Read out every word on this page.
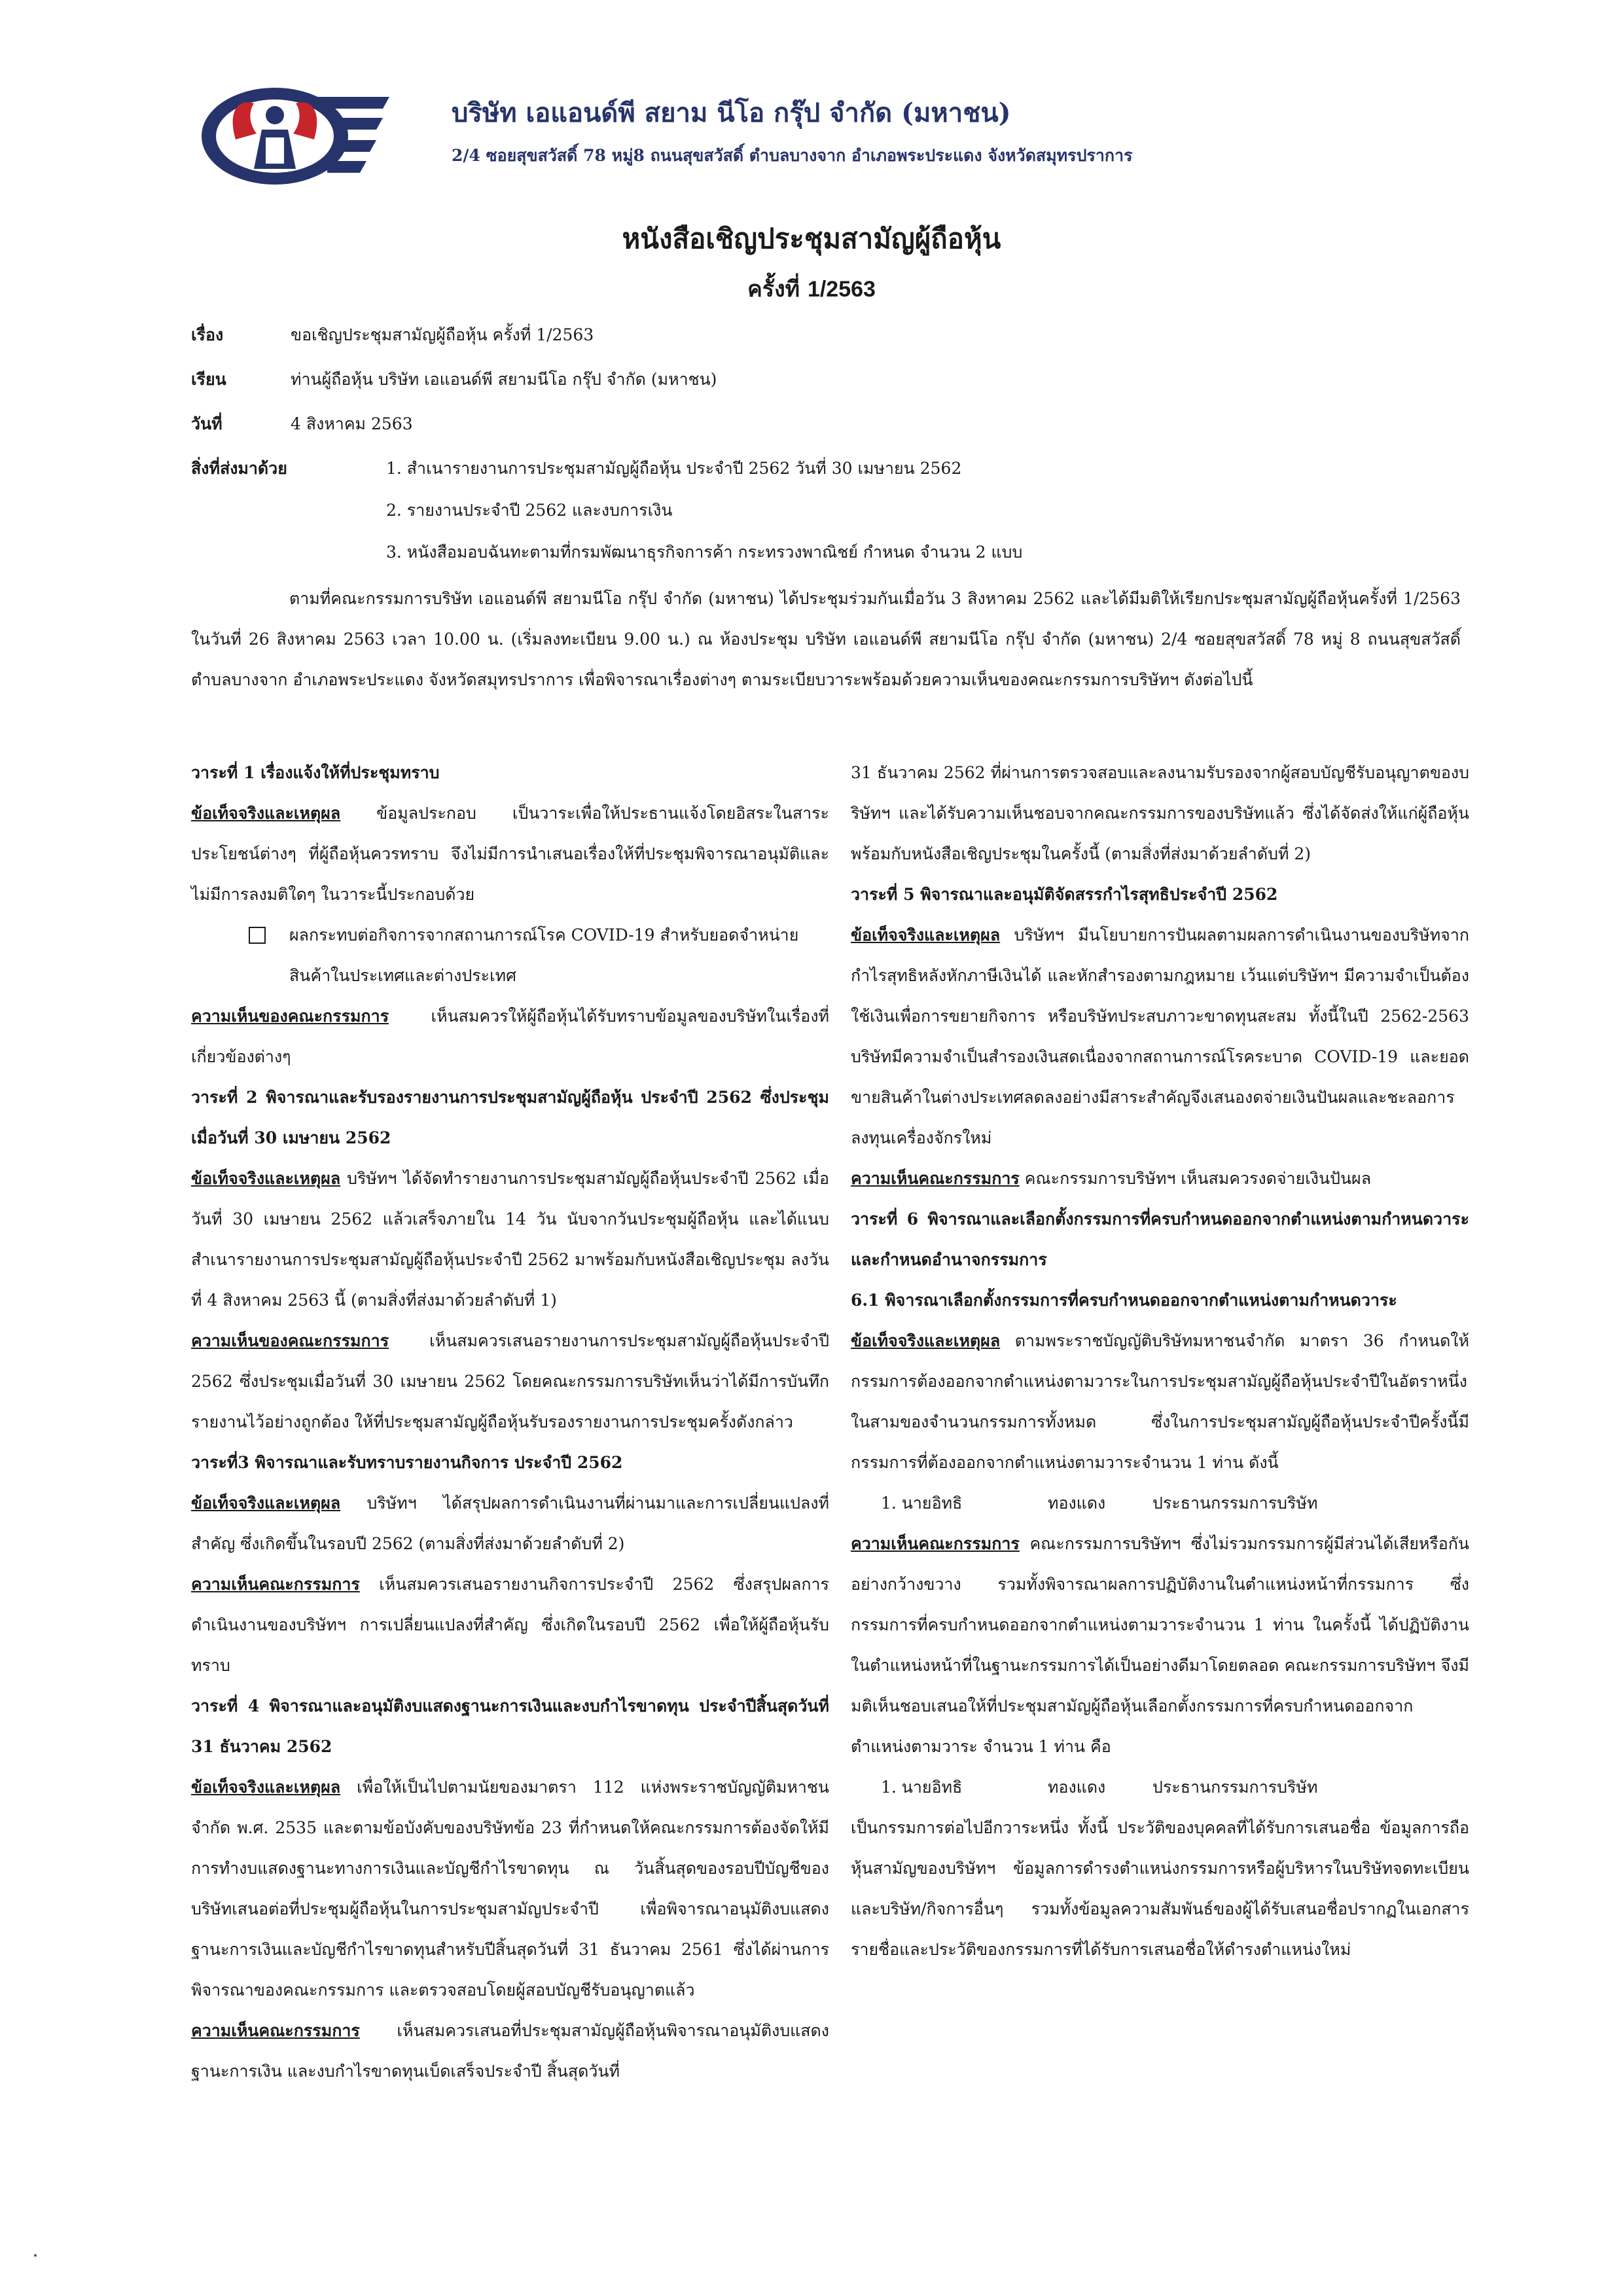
บริษัท เอแอนด์พี สยาม นีโอ กรุ๊ป จำกัด (มหาชน)
2/4 ซอยสุขสวัสดิ์ 78 หมู่8 ถนนสุขสวัสดิ์ ตำบลบางจาก อำเภอพระประแดง จังหวัดสมุทรปราการ
หนังสือเชิญประชุมสามัญผู้ถือหุ้น
ครั้งที่ 1/2563
เรื่อง	ขอเชิญประชุมสามัญผู้ถือหุ้น ครั้งที่ 1/2563
เรียน	ท่านผู้ถือหุ้น บริษัท เอแอนด์พี สยามนีโอ กรุ๊ป จำกัด (มหาชน)
วันที่	4 สิงหาคม 2563
สิ่งที่ส่งมาด้วย	1. สำเนารายงานการประชุมสามัญผู้ถือหุ้น ประจำปี 2562 วันที่ 30 เมษายน 2562
2. รายงานประจำปี 2562 และงบการเงิน
3. หนังสือมอบฉันทะตามที่กรมพัฒนาธุรกิจการค้า กระทรวงพาณิชย์ กำหนด จำนวน 2 แบบ
ตามที่คณะกรรมการบริษัท เอแอนด์พี สยามนีโอ กรุ๊ป จำกัด (มหาชน) ได้ประชุมร่วมกันเมื่อวัน 3 สิงหาคม 2562 และได้มีมติให้เรียกประชุมสามัญผู้ถือหุ้นครั้งที่ 1/2563 ในวันที่ 26 สิงหาคม 2563 เวลา 10.00 น. (เริ่มลงทะเบียน 9.00 น.) ณ ห้องประชุม บริษัท เอแอนด์พี สยามนีโอ กรุ๊ป จำกัด (มหาชน) 2/4 ซอยสุขสวัสดิ์ 78 หมู่ 8 ถนนสุขสวัสดิ์ ตำบลบางจาก อำเภอพระประแดง จังหวัดสมุทรปราการ เพื่อพิจารณาเรื่องต่างๆ ตามระเบียบวาระพร้อมด้วยความเห็นของคณะกรรมการบริษัทฯ ดังต่อไปนี้

วาระที่ 1 เรื่องแจ้งให้ที่ประชุมทราบ

ข้อเท็จจริงและเหตุผล ข้อมูลประกอบ เป็นวาระเพื่อให้ประธานแจ้งโดยอิสระในสาระประโยชน์ต่างๆ ที่ผู้ถือหุ้นควรทราบ จึงไม่มีการนำเสนอเรื่องให้ที่ประชุมพิจารณาอนุมัติและไม่มีการลงมติใดๆ ในวาระนี้ประกอบด้วย

ผลกระทบต่อกิจการจากสถานการณ์โรค COVID-19 สำหรับยอดจำหน่ายสินค้าในประเทศและต่างประเทศ

ความเห็นของคณะกรรมการ เห็นสมควรให้ผู้ถือหุ้นได้รับทราบข้อมูลของบริษัทในเรื่องที่เกี่ยวข้องต่างๆ

วาระที่ 2 พิจารณาและรับรองรายงานการประชุมสามัญผู้ถือหุ้น ประจำปี 2562 ซึ่งประชุมเมื่อวันที่ 30 เมษายน 2562

ข้อเท็จจริงและเหตุผล บริษัทฯ ได้จัดทำรายงานการประชุมสามัญผู้ถือหุ้นประจำปี 2562 เมื่อวันที่ 30 เมษายน 2562 แล้วเสร็จภายใน 14 วัน นับจากวันประชุมผู้ถือหุ้น และได้แนบสำเนารายงานการประชุมสามัญผู้ถือหุ้นประจำปี 2562 มาพร้อมกับหนังสือเชิญประชุม ลงวันที่ 4 สิงหาคม 2563 นี้ (ตามสิ่งที่ส่งมาด้วยลำดับที่ 1)

ความเห็นของคณะกรรมการ เห็นสมควรเสนอรายงานการประชุมสามัญผู้ถือหุ้นประจำปี 2562 ซึ่งประชุมเมื่อวันที่ 30 เมษายน 2562 โดยคณะกรรมการบริษัทเห็นว่าได้มีการบันทึกรายงานไว้อย่างถูกต้อง ให้ที่ประชุมสามัญผู้ถือหุ้นรับรองรายงานการประชุมครั้งดังกล่าว

วาระที่3 พิจารณาและรับทราบรายงานกิจการ ประจำปี 2562

ข้อเท็จจริงและเหตุผล บริษัทฯ ได้สรุปผลการดำเนินงานที่ผ่านมาและการเปลี่ยนแปลงที่สำคัญ ซึ่งเกิดขึ้นในรอบปี 2562 (ตามสิ่งที่ส่งมาด้วยลำดับที่ 2)

ความเห็นคณะกรรมการ เห็นสมควรเสนอรายงานกิจการประจำปี 2562 ซึ่งสรุปผลการดำเนินงานของบริษัทฯ การเปลี่ยนแปลงที่สำคัญ ซึ่งเกิดในรอบปี 2562 เพื่อให้ผู้ถือหุ้นรับทราบ

วาระที่ 4 พิจารณาและอนุมัติงบแสดงฐานะการเงินและงบกำไรขาดทุน ประจำปีสิ้นสุดวันที่ 31 ธันวาคม 2562

ข้อเท็จจริงและเหตุผล เพื่อให้เป็นไปตามนัยของมาตรา 112 แห่งพระราชบัญญัติมหาชนจำกัด พ.ศ. 2535 และตามข้อบังคับของบริษัทข้อ 23 ที่กำหนดให้คณะกรรมการต้องจัดให้มีการทำงบแสดงฐานะทางการเงินและบัญชีกำไรขาดทุน ณ วันสิ้นสุดของรอบปีบัญชีของบริษัทเสนอต่อที่ประชุมผู้ถือหุ้นในการประชุมสามัญประจำปี เพื่อพิจารณาอนุมัติงบแสดงฐานะการเงินและบัญชีกำไรขาดทุนสำหรับปีสิ้นสุดวันที่ 31 ธันวาคม 2561 ซึ่งได้ผ่านการพิจารณาของคณะกรรมการ และตรวจสอบโดยผู้สอบบัญชีรับอนุญาตแล้ว

ความเห็นคณะกรรมการ เห็นสมควรเสนอที่ประชุมสามัญผู้ถือหุ้นพิจารณาอนุมัติงบแสดงฐานะการเงิน และงบกำไรขาดทุนเบ็ดเสร็จประจำปี สิ้นสุดวันที่

31 ธันวาคม 2562 ที่ผ่านการตรวจสอบและลงนามรับรองจากผู้สอบบัญชีรับอนุญาตของบริษัทฯ และได้รับความเห็นชอบจากคณะกรรมการของบริษัทแล้ว ซึ่งได้จัดส่งให้แก่ผู้ถือหุ้นพร้อมกับหนังสือเชิญประชุมในครั้งนี้ (ตามสิ่งที่ส่งมาด้วยลำดับที่ 2)

วาระที่ 5 พิจารณาและอนุมัติจัดสรรกำไรสุทธิประจำปี 2562

ข้อเท็จจริงและเหตุผล บริษัทฯ มีนโยบายการปันผลตามผลการดำเนินงานของบริษัทจากกำไรสุทธิหลังหักภาษีเงินได้ และหักสำรองตามกฎหมาย เว้นแต่บริษัทฯ มีความจำเป็นต้องใช้เงินเพื่อการขยายกิจการ หรือบริษัทประสบภาวะขาดทุนสะสม ทั้งนี้ในปี 2562-2563 บริษัทมีความจำเป็นสำรองเงินสดเนื่องจากสถานการณ์โรคระบาด COVID-19 และยอดขายสินค้าในต่างประเทศลดลงอย่างมีสาระสำคัญจึงเสนองดจ่ายเงินปันผลและชะลอการลงทุนเครื่องจักรใหม่

ความเห็นคณะกรรมการ คณะกรรมการบริษัทฯ เห็นสมควรงดจ่ายเงินปันผล

วาระที่ 6 พิจารณาและเลือกตั้งกรรมการที่ครบกำหนดออกจากตำแหน่งตามกำหนดวาระ และกำหนดอำนาจกรรมการ

6.1 พิจารณาเลือกตั้งกรรมการที่ครบกำหนดออกจากตำแหน่งตามกำหนดวาระ

ข้อเท็จจริงและเหตุผล ตามพระราชบัญญัติบริษัทมหาชนจำกัด มาตรา 36 กำหนดให้กรรมการต้องออกจากตำแหน่งตามวาระในการประชุมสามัญผู้ถือหุ้นประจำปีในอัตราหนึ่งในสามของจำนวนกรรมการทั้งหมด ซึ่งในการประชุมสามัญผู้ถือหุ้นประจำปีครั้งนี้มีกรรมการที่ต้องออกจากตำแหน่งตามวาระจำนวน 1 ท่าน ดังนี้

1. นายอิทธิ	ทองแดง	ประธานกรรมการบริษัท

ความเห็นคณะกรรมการ คณะกรรมการบริษัทฯ ซึ่งไม่รวมกรรมการผู้มีส่วนได้เสียหรือกันอย่างกว้างขวาง รวมทั้งพิจารณาผลการปฏิบัติงานในตำแหน่งหน้าที่กรรมการ ซึ่งกรรมการที่ครบกำหนดออกจากตำแหน่งตามวาระจำนวน 1 ท่าน ในครั้งนี้ ได้ปฏิบัติงานในตำแหน่งหน้าที่ในฐานะกรรมการได้เป็นอย่างดีมาโดยตลอด คณะกรรมการบริษัทฯ จึงมีมติเห็นชอบเสนอให้ที่ประชุมสามัญผู้ถือหุ้นเลือกตั้งกรรมการที่ครบกำหนดออกจากตำแหน่งตามวาระ จำนวน 1 ท่าน คือ

1. นายอิทธิ	ทองแดง	ประธานกรรมการบริษัท

เป็นกรรมการต่อไปอีกวาระหนึ่ง ทั้งนี้ ประวัติของบุคคลที่ได้รับการเสนอชื่อ ข้อมูลการถือหุ้นสามัญของบริษัทฯ ข้อมูลการดำรงตำแหน่งกรรมการหรือผู้บริหารในบริษัทจดทะเบียนและบริษัท/กิจการอื่นๆ รวมทั้งข้อมูลความสัมพันธ์ของผู้ได้รับเสนอชื่อปรากฏในเอกสารรายชื่อและประวัติของกรรมการที่ได้รับการเสนอชื่อให้ดำรงตำแหน่งใหม่
